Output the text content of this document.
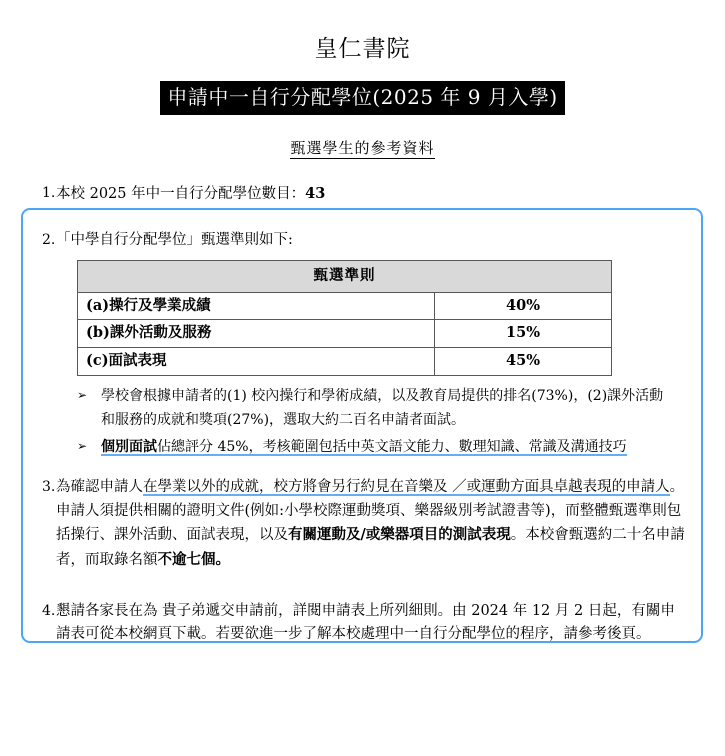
皇仁書院
申請中一自行分配學位(2025 年 9 月入學)
甄選學生的參考資料
1. 本校 2025 年中一自行分配學位數目：43
2. 「中學自行分配學位」甄選準則如下:
甄選準則	
(a)操行及學業成績	40%
(b)課外活動及服務	15%
(c)面試表現	45%
➢ 學校會根據申請者的(1) 校內操行和學術成績，以及教育局提供的排名(73%)，(2)課外活動和服務的成就和獎項(27%)，選取大約二百名申請者面試。
➢ 個別面試佔總評分 45%，考核範圍包括中英文語文能力、數理知識、常識及溝通技巧
3. 為確認申請人在學業以外的成就，校方將會另行約見在音樂及 ／或運動方面具卓越表現的申請人。申請人須提供相關的證明文件(例如:小學校際運動獎項、樂器級別考試證書等)，而整體甄選準則包括操行、課外活動、面試表現，以及有關運動及/或樂器項目的測試表現。本校會甄選約二十名申請者，而取錄名額不逾七個。
4. 懇請各家長在為 貴子弟遞交申請前，詳閱申請表上所列細則。由 2024 年 12 月 2 日起，有關申請表可從本校網頁下載。若要欲進一步了解本校處理中一自行分配學位的程序，請參考後頁。
